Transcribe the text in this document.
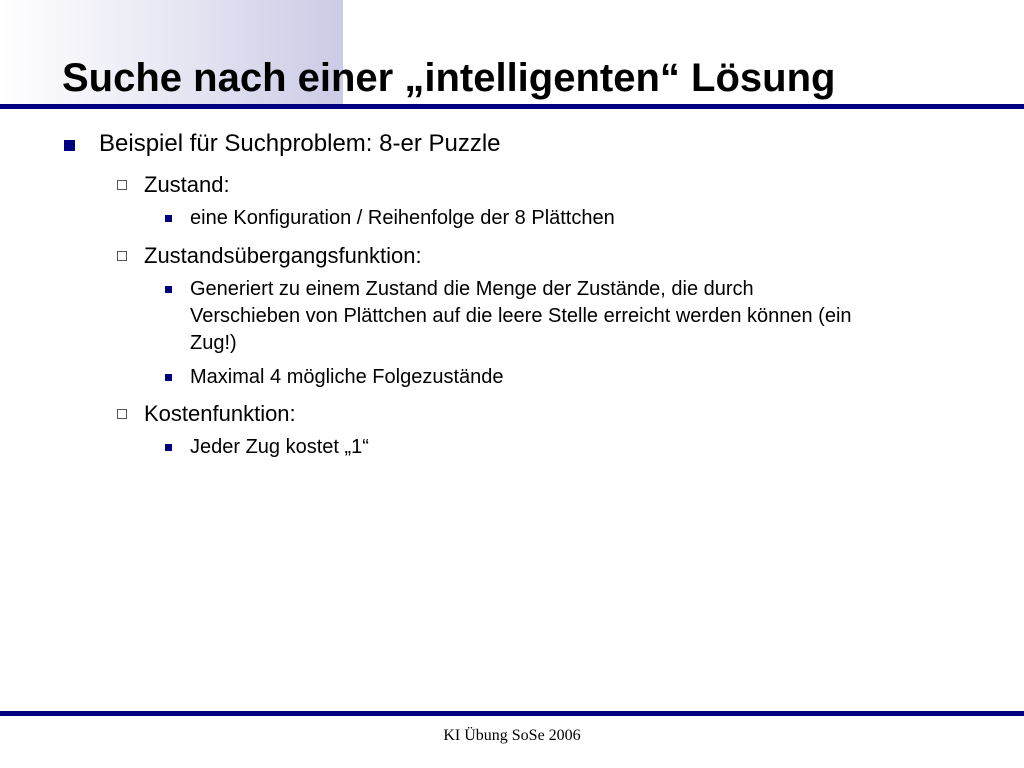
Suche nach einer „intelligenten“ Lösung
Beispiel für Suchproblem: 8-er Puzzle
Zustand:
eine Konfiguration / Reihenfolge der 8 Plättchen
Zustandsübergangsfunktion:
Generiert zu einem Zustand die Menge der Zustände, die durch
Verschieben von Plättchen auf die leere Stelle erreicht werden können (ein
Zug!)
Maximal 4 mögliche Folgezustände
Kostenfunktion:
Jeder Zug kostet „1“
KI Übung SoSe 2006
